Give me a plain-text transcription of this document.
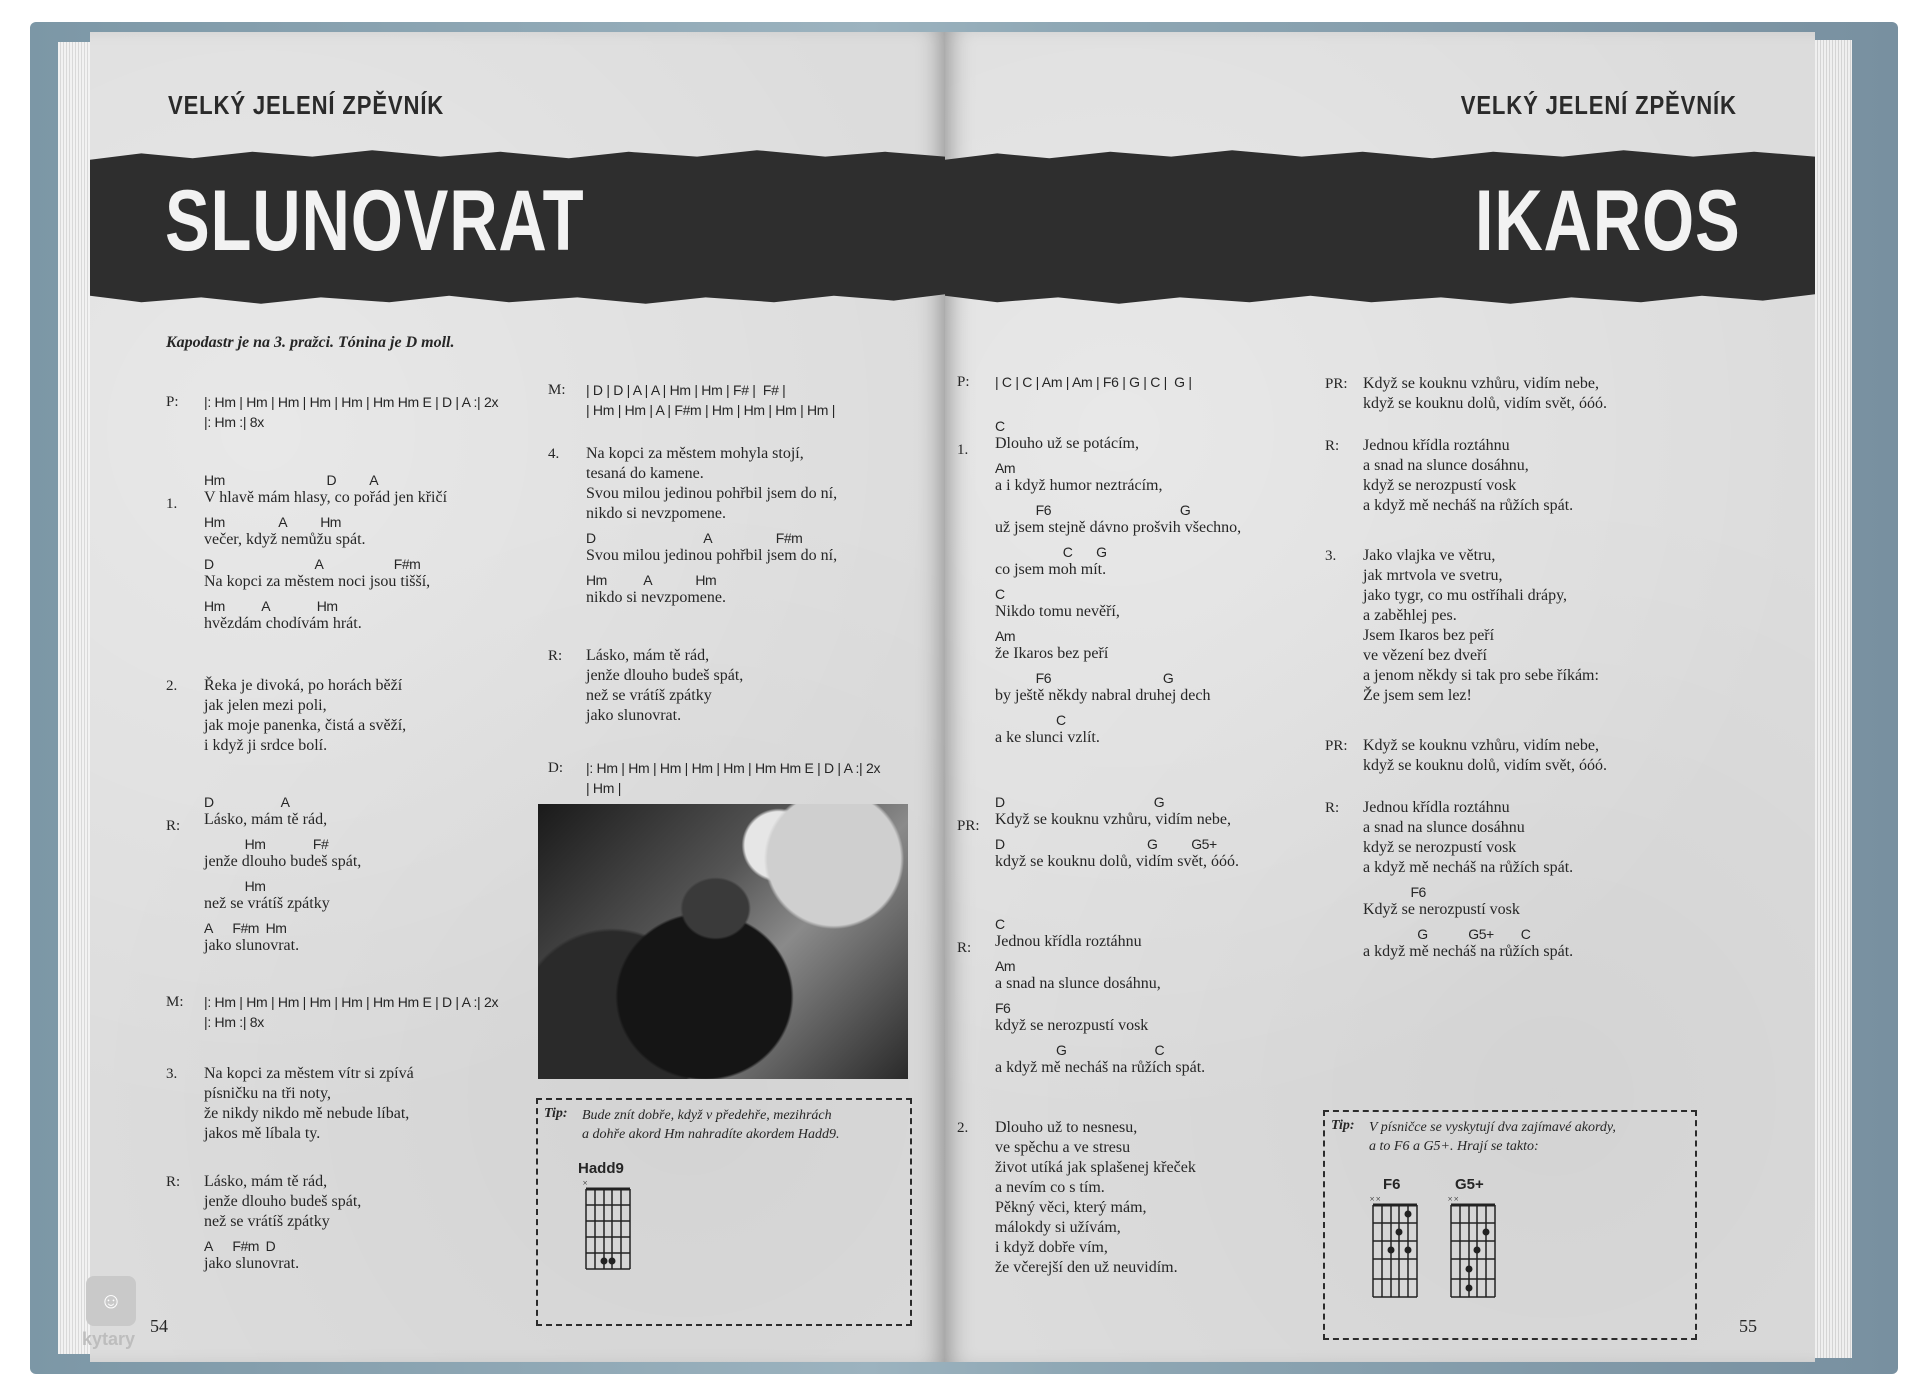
VELKÝ JELENÍ ZPĚVNÍK
SLUNOVRAT
Kapodastr je na 3. pražci. Tónina je D moll.
|: Hm | Hm | Hm | Hm | Hm | Hm Hm E | D | A :| 2x
|: Hm :| 8x
P:
Hm                              D          A
V hlavě mám hlasy, co pořád jen křičí
Hm                A          Hm
večer, když nemůžu spát.
D                              A                     F#m
Na kopci za městem noci jsou tišší,
Hm           A              Hm
hvězdám chodívám hrát.
1.
Řeka je divoká, po horách běží
jak jelen mezi poli,
jak moje panenka, čistá a svěží,
i když ji srdce bolí.
2.
D                    A
Lásko, mám tě rád,
Hm              F#
jenže dlouho budeš spát,
Hm
než se vrátíš zpátky
A      F#m  Hm
jako slunovrat.
R:
|: Hm | Hm | Hm | Hm | Hm | Hm Hm E | D | A :| 2x
|: Hm :| 8x
M:
Na kopci za městem vítr si zpívá
písničku na tři noty,
že nikdy nikdo mě nebude líbat,
jakos mě líbala ty.
3.
Lásko, mám tě rád,
jenže dlouho budeš spát,
než se vrátíš zpátky
A      F#m  D
jako slunovrat.
R:
| D | D | A | A | Hm | Hm | F# |  F# |
| Hm | Hm | A | F#m | Hm | Hm | Hm | Hm |
M:
Na kopci za městem mohyla stojí,
tesaná do kamene.
Svou milou jedinou pohřbil jsem do ní,
nikdo si nevzpomene.
D                                A                   F#m
Svou milou jedinou pohřbil jsem do ní,
Hm           A             Hm
nikdo si nevzpomene.
4.
Lásko, mám tě rád,
jenže dlouho budeš spát,
než se vrátíš zpátky
jako slunovrat.
R:
|: Hm | Hm | Hm | Hm | Hm | Hm Hm E | D | A :| 2x
| Hm |
D:
Tip: Bude znít dobře, když v předehře, mezihrách
a dohře akord Hm nahradíte akordem Hadd9.
Hadd9
×
☺
kytary
54
VELKÝ JELENÍ ZPĚVNÍK
IKAROS
| C | C | Am | Am | F6 | G | C |  G |
P:
C
Dlouho už se potácím,
Am
a i když humor neztrácím,
F6                                      G
už jsem stejně dávno prošvih všechno,
C       G
co jsem moh mít.
C
Nikdo tomu nevěří,
Am
že Ikaros bez peří
F6                                 G
by ještě někdy nabral druhej dech
C
a ke slunci vzlít.
1.
D                                            G
Když se kouknu vzhůru, vidím nebe,
D                                          G          G5+
když se kouknu dolů, vidím svět, óóó.
PR:
C
Jednou křídla roztáhnu
Am
a snad na slunce dosáhnu,
F6
když se nerozpustí vosk
G                          C
a když mě necháš na růžích spát.
R:
Dlouho už to nesnesu,
ve spěchu a ve stresu
život utíká jak splašenej křeček
a nevím co s tím.
Pěkný věci, který mám,
málokdy si užívám,
i když dobře vím,
že včerejší den už neuvidím.
2.
Když se kouknu vzhůru, vidím nebe,
když se kouknu dolů, vidím svět, óóó.
PR:
Jednou křídla roztáhnu
a snad na slunce dosáhnu,
když se nerozpustí vosk
a když mě necháš na růžích spát.
R:
Jako vlajka ve větru,
jak mrtvola ve svetru,
jako tygr, co mu ostříhali drápy,
a zaběhlej pes.
Jsem Ikaros bez peří
ve vězení bez dveří
a jenom někdy si tak pro sebe říkám:
Že jsem sem lez!
3.
Když se kouknu vzhůru, vidím nebe,
když se kouknu dolů, vidím svět, óóó.
PR:
Jednou křídla roztáhnu
a snad na slunce dosáhnu
když se nerozpustí vosk
a když mě necháš na růžích spát.
F6
Když se nerozpustí vosk
G            G5+        C
a když mě necháš na růžích spát.
R:
Tip: V písničce se vyskytují dva zajímavé akordy,
a to F6 a G5+. Hrají se takto:
F6
××
G5+
××
55
